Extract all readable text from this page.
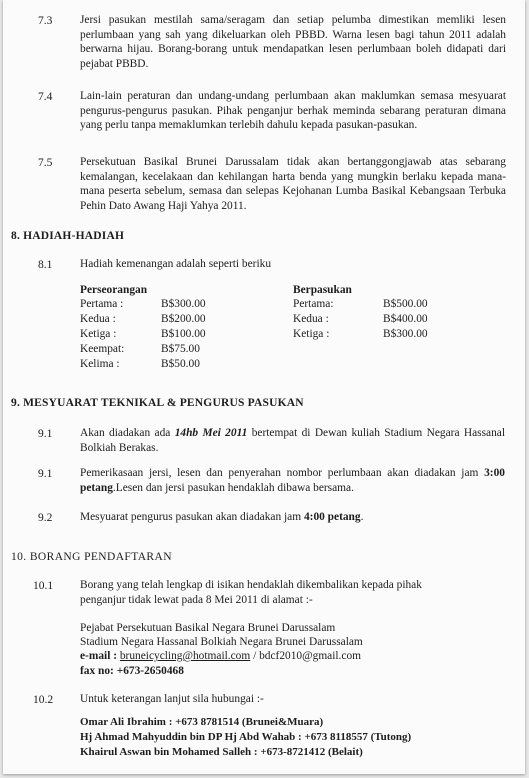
7.3 Jersi pasukan mestilah sama/seragam dan setiap pelumba dimestikan memliki lesen perlumbaan yang sah yang dikeluarkan oleh PBBD. Warna lesen bagi tahun 2011 adalah berwarna hijau. Borang-borang untuk mendapatkan lesen perlumbaan boleh didapati dari pejabat PBBD.
7.4 Lain-lain peraturan dan undang-undang perlumbaan akan maklumkan semasa mesyuarat pengurus-pengurus pasukan. Pihak penganjur berhak meminda sebarang peraturan dimana yang perlu tanpa memaklumkan terlebih dahulu kepada pasukan-pasukan.
7.5 Persekutuan Basikal Brunei Darussalam tidak akan bertanggongjawab atas sebarang kemalangan, kecelakaan dan kehilangan harta benda yang mungkin berlaku kepada mana-mana peserta sebelum, semasa dan selepas Kejohanan Lumba Basikal Kebangsaan Terbuka Pehin Dato Awang Haji Yahya 2011.
8. HADIAH-HADIAH
8.1 Hadiah kemenangan adalah seperti beriku
Perseorangan
Pertama :	B$300.00
Kedua :	B$200.00
Ketiga :	B$100.00
Keempat:	B$75.00
Kelima :	B$50.00
Berpasukan
Pertama:	B$500.00
Kedua :	B$400.00
Ketiga :	B$300.00
9. MESYUARAT TEKNIKAL & PENGURUS PASUKAN
9.1 Akan diadakan ada 14hb Mei 2011 bertempat di Dewan kuliah Stadium Negara Hassanal Bolkiah Berakas.
9.1 Pemerikasaan jersi, lesen dan penyerahan nombor perlumbaan akan diadakan jam 3:00 petang.Lesen dan jersi pasukan hendaklah dibawa bersama.
9.2 Mesyuarat pengurus pasukan akan diadakan jam 4:00 petang.
10. BORANG PENDAFTARAN
10.1 Borang yang telah lengkap di isikan hendaklah dikembalikan kepada pihak
penganjur tidak lewat pada 8 Mei 2011 di alamat :-
Pejabat Persekutuan Basikal Negara Brunei Darussalam
Stadium Negara Hassanal Bolkiah Negara Brunei Darussalam
e-mail : bruneicycling@hotmail.com / bdcf2010@gmail.com
fax no: +673-2650468
10.2 Untuk keterangan lanjut sila hubungai :-
Omar Ali Ibrahim : +673 8781514 (Brunei&Muara)
Hj Ahmad Mahyuddin bin DP Hj Abd Wahab : +673 8118557 (Tutong)
Khairul Aswan bin Mohamed Salleh : +673-8721412 (Belait)
